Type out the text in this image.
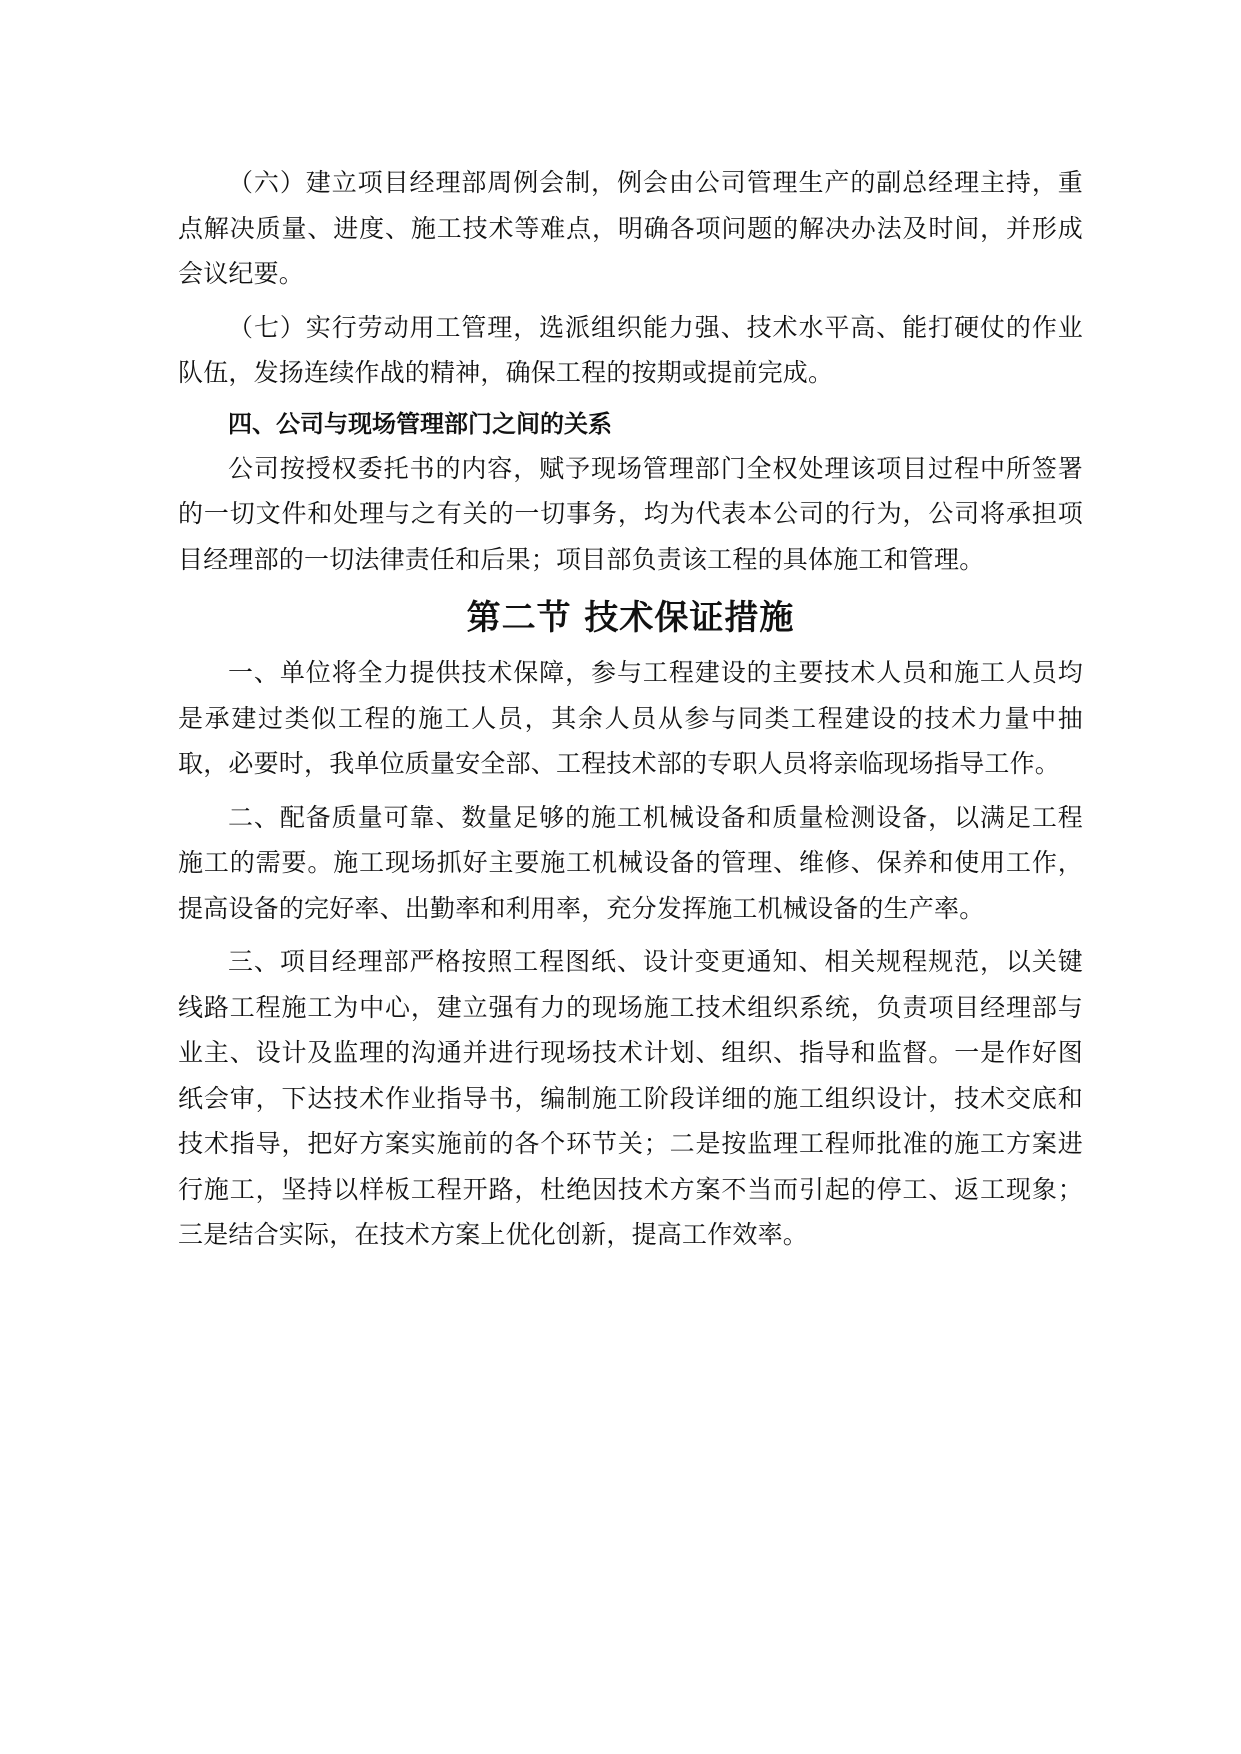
（六）建立项目经理部周例会制，例会由公司管理生产的副总经理主持，重点解决质量、进度、施工技术等难点，明确各项问题的解决办法及时间，并形成会议纪要。

（七）实行劳动用工管理，选派组织能力强、技术水平高、能打硬仗的作业队伍，发扬连续作战的精神，确保工程的按期或提前完成。

四、公司与现场管理部门之间的关系

公司按授权委托书的内容，赋予现场管理部门全权处理该项目过程中所签署的一切文件和处理与之有关的一切事务，均为代表本公司的行为，公司将承担项目经理部的一切法律责任和后果；项目部负责该工程的具体施工和管理。

第二节 技术保证措施

一、单位将全力提供技术保障，参与工程建设的主要技术人员和施工人员均是承建过类似工程的施工人员，其余人员从参与同类工程建设的技术力量中抽取，必要时，我单位质量安全部、工程技术部的专职人员将亲临现场指导工作。

二、配备质量可靠、数量足够的施工机械设备和质量检测设备，以满足工程施工的需要。施工现场抓好主要施工机械设备的管理、维修、保养和使用工作，提高设备的完好率、出勤率和利用率，充分发挥施工机械设备的生产率。

三、项目经理部严格按照工程图纸、设计变更通知、相关规程规范，以关键线路工程施工为中心，建立强有力的现场施工技术组织系统，负责项目经理部与业主、设计及监理的沟通并进行现场技术计划、组织、指导和监督。一是作好图纸会审，下达技术作业指导书，编制施工阶段详细的施工组织设计，技术交底和技术指导，把好方案实施前的各个环节关；二是按监理工程师批准的施工方案进行施工，坚持以样板工程开路，杜绝因技术方案不当而引起的停工、返工现象；三是结合实际，在技术方案上优化创新，提高工作效率。
